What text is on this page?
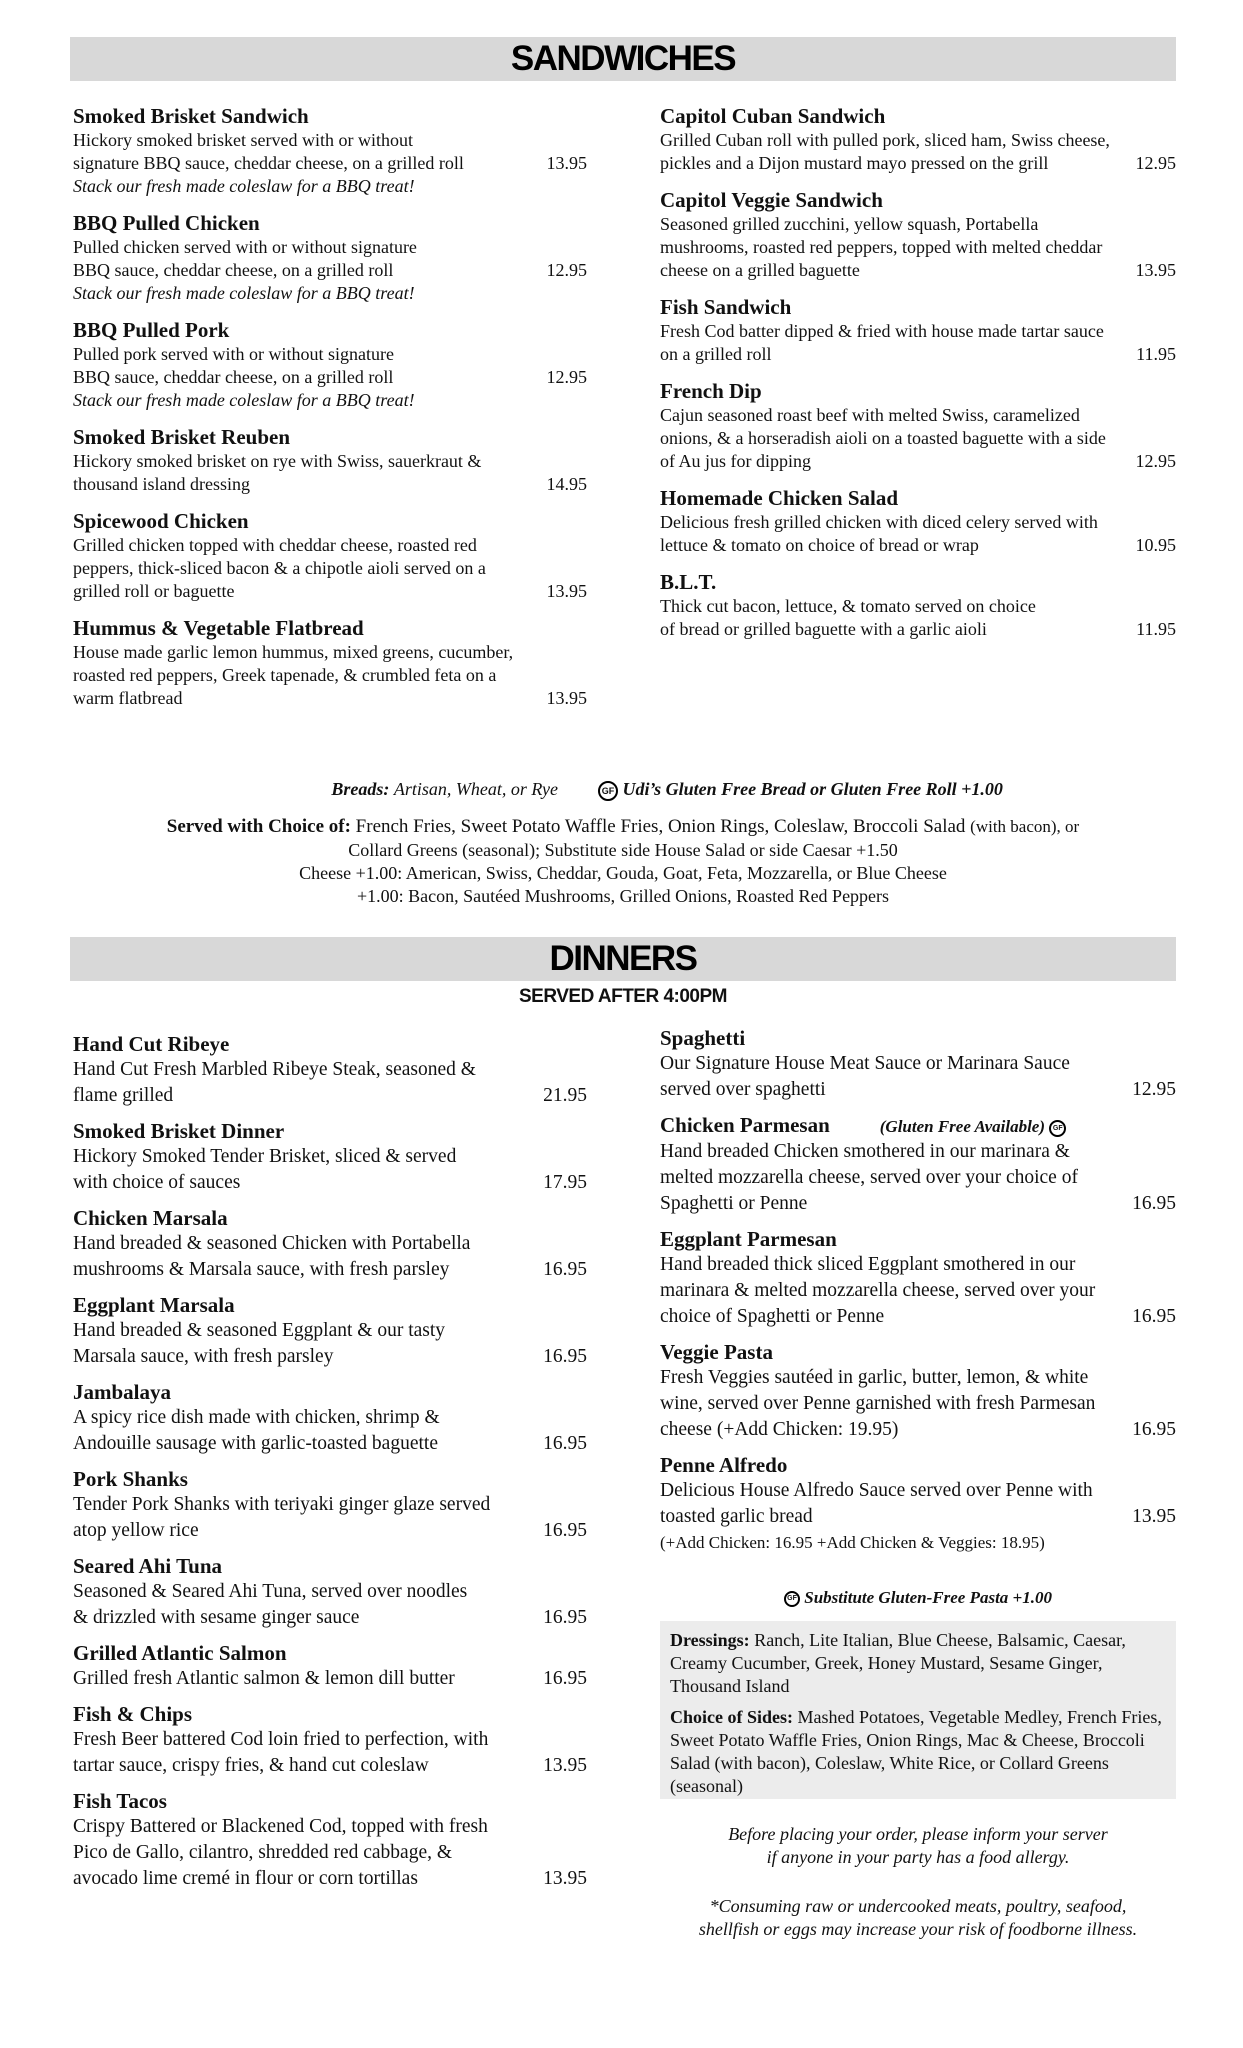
SANDWICHES
Smoked Brisket Sandwich
Hickory smoked brisket served with or without
signature BBQ sauce, cheddar cheese, on a grilled roll	13.95
Stack our fresh made coleslaw for a BBQ treat!
BBQ Pulled Chicken
Pulled chicken served with or without signature
BBQ sauce, cheddar cheese, on a grilled roll	12.95
Stack our fresh made coleslaw for a BBQ treat!
BBQ Pulled Pork
Pulled pork served with or without signature
BBQ sauce, cheddar cheese, on a grilled roll	12.95
Stack our fresh made coleslaw for a BBQ treat!
Smoked Brisket Reuben
Hickory smoked brisket on rye with Swiss, sauerkraut &
thousand island dressing	14.95
Spicewood Chicken
Grilled chicken topped with cheddar cheese, roasted red
peppers, thick-sliced bacon & a chipotle aioli served on a
grilled roll or baguette	13.95
Hummus & Vegetable Flatbread
House made garlic lemon hummus, mixed greens, cucumber,
roasted red peppers, Greek tapenade, & crumbled feta on a
warm flatbread	13.95
Capitol Cuban Sandwich
Grilled Cuban roll with pulled pork, sliced ham, Swiss cheese,
pickles and a Dijon mustard mayo pressed on the grill	12.95
Capitol Veggie Sandwich
Seasoned grilled zucchini, yellow squash, Portabella
mushrooms, roasted red peppers, topped with melted cheddar
cheese on a grilled baguette	13.95
Fish Sandwich
Fresh Cod batter dipped & fried with house made tartar sauce
on a grilled roll	11.95
French Dip
Cajun seasoned roast beef with melted Swiss, caramelized
onions, & a horseradish aioli on a toasted baguette with a side
of Au jus for dipping	12.95
Homemade Chicken Salad
Delicious fresh grilled chicken with diced celery served with
lettuce & tomato on choice of bread or wrap	10.95
B.L.T.
Thick cut bacon, lettuce, & tomato served on choice
of bread or grilled baguette with a garlic aioli	11.95
Breads: Artisan, Wheat, or Rye	GF Udi’s Gluten Free Bread or Gluten Free Roll +1.00
Served with Choice of: French Fries, Sweet Potato Waffle Fries, Onion Rings, Coleslaw, Broccoli Salad (with bacon), or
Collard Greens (seasonal); Substitute side House Salad or side Caesar +1.50
Cheese +1.00: American, Swiss, Cheddar, Gouda, Goat, Feta, Mozzarella, or Blue Cheese
+1.00: Bacon, Sautéed Mushrooms, Grilled Onions, Roasted Red Peppers
DINNERS
SERVED AFTER 4:00PM
Hand Cut Ribeye
Hand Cut Fresh Marbled Ribeye Steak, seasoned &
flame grilled	21.95
Smoked Brisket Dinner
Hickory Smoked Tender Brisket, sliced & served
with choice of sauces	17.95
Chicken Marsala
Hand breaded & seasoned Chicken with Portabella
mushrooms & Marsala sauce, with fresh parsley	16.95
Eggplant Marsala
Hand breaded & seasoned Eggplant & our tasty
Marsala sauce, with fresh parsley	16.95
Jambalaya
A spicy rice dish made with chicken, shrimp &
Andouille sausage with garlic-toasted baguette	16.95
Pork Shanks
Tender Pork Shanks with teriyaki ginger glaze served
atop yellow rice	16.95
Seared Ahi Tuna
Seasoned & Seared Ahi Tuna, served over noodles
& drizzled with sesame ginger sauce	16.95
Grilled Atlantic Salmon
Grilled fresh Atlantic salmon & lemon dill butter	16.95
Fish & Chips
Fresh Beer battered Cod loin fried to perfection, with
tartar sauce, crispy fries, & hand cut coleslaw	13.95
Fish Tacos
Crispy Battered or Blackened Cod, topped with fresh
Pico de Gallo, cilantro, shredded red cabbage, &
avocado lime cremé in flour or corn tortillas	13.95
Spaghetti
Our Signature House Meat Sauce or Marinara Sauce
served over spaghetti	12.95
Chicken Parmesan	(Gluten Free Available) GF
Hand breaded Chicken smothered in our marinara &
melted mozzarella cheese, served over your choice of
Spaghetti or Penne	16.95
Eggplant Parmesan
Hand breaded thick sliced Eggplant smothered in our
marinara & melted mozzarella cheese, served over your
choice of Spaghetti or Penne	16.95
Veggie Pasta
Fresh Veggies sautéed in garlic, butter, lemon, & white
wine, served over Penne garnished with fresh Parmesan
cheese (+Add Chicken: 19.95)	16.95
Penne Alfredo
Delicious House Alfredo Sauce served over Penne with
toasted garlic bread	13.95
(+Add Chicken: 16.95 +Add Chicken & Veggies: 18.95)
GF Substitute Gluten-Free Pasta +1.00

Dressings: Ranch, Lite Italian, Blue Cheese, Balsamic, Caesar, Creamy Cucumber, Greek, Honey Mustard, Sesame Ginger, Thousand Island

Choice of Sides: Mashed Potatoes, Vegetable Medley, French Fries, Sweet Potato Waffle Fries, Onion Rings, Mac & Cheese, Broccoli Salad (with bacon), Coleslaw, White Rice, or Collard Greens (seasonal)

Before placing your order, please inform your server
if anyone in your party has a food allergy.
*Consuming raw or undercooked meats, poultry, seafood,
shellfish or eggs may increase your risk of foodborne illness.
